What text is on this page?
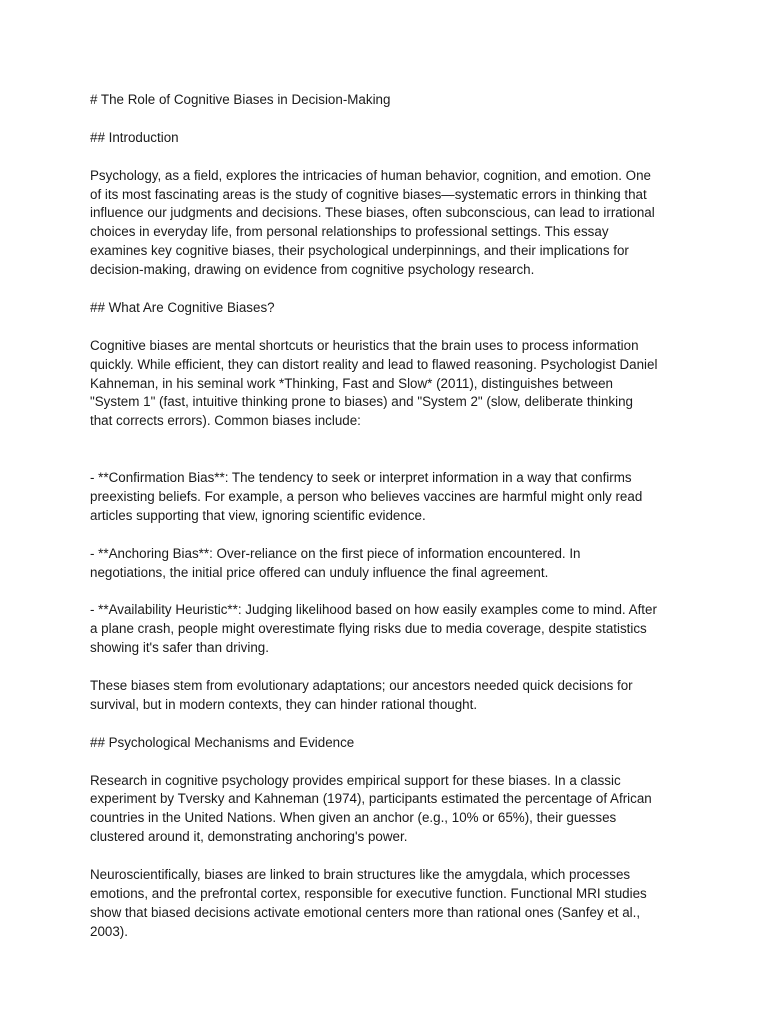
# The Role of Cognitive Biases in Decision-Making

## Introduction

Psychology, as a field, explores the intricacies of human behavior, cognition, and emotion. One
of its most fascinating areas is the study of cognitive biases—systematic errors in thinking that
influence our judgments and decisions. These biases, often subconscious, can lead to irrational
choices in everyday life, from personal relationships to professional settings. This essay
examines key cognitive biases, their psychological underpinnings, and their implications for
decision-making, drawing on evidence from cognitive psychology research.

## What Are Cognitive Biases?

Cognitive biases are mental shortcuts or heuristics that the brain uses to process information
quickly. While efficient, they can distort reality and lead to flawed reasoning. Psychologist Daniel
Kahneman, in his seminal work *Thinking, Fast and Slow* (2011), distinguishes between
"System 1" (fast, intuitive thinking prone to biases) and "System 2" (slow, deliberate thinking
that corrects errors). Common biases include:

- **Confirmation Bias**: The tendency to seek or interpret information in a way that confirms
preexisting beliefs. For example, a person who believes vaccines are harmful might only read
articles supporting that view, ignoring scientific evidence.

- **Anchoring Bias**: Over-reliance on the first piece of information encountered. In
negotiations, the initial price offered can unduly influence the final agreement.

- **Availability Heuristic**: Judging likelihood based on how easily examples come to mind. After
a plane crash, people might overestimate flying risks due to media coverage, despite statistics
showing it's safer than driving.

These biases stem from evolutionary adaptations; our ancestors needed quick decisions for
survival, but in modern contexts, they can hinder rational thought.

## Psychological Mechanisms and Evidence

Research in cognitive psychology provides empirical support for these biases. In a classic
experiment by Tversky and Kahneman (1974), participants estimated the percentage of African
countries in the United Nations. When given an anchor (e.g., 10% or 65%), their guesses
clustered around it, demonstrating anchoring's power.

Neuroscientifically, biases are linked to brain structures like the amygdala, which processes
emotions, and the prefrontal cortex, responsible for executive function. Functional MRI studies
show that biased decisions activate emotional centers more than rational ones (Sanfey et al.,
2003).
